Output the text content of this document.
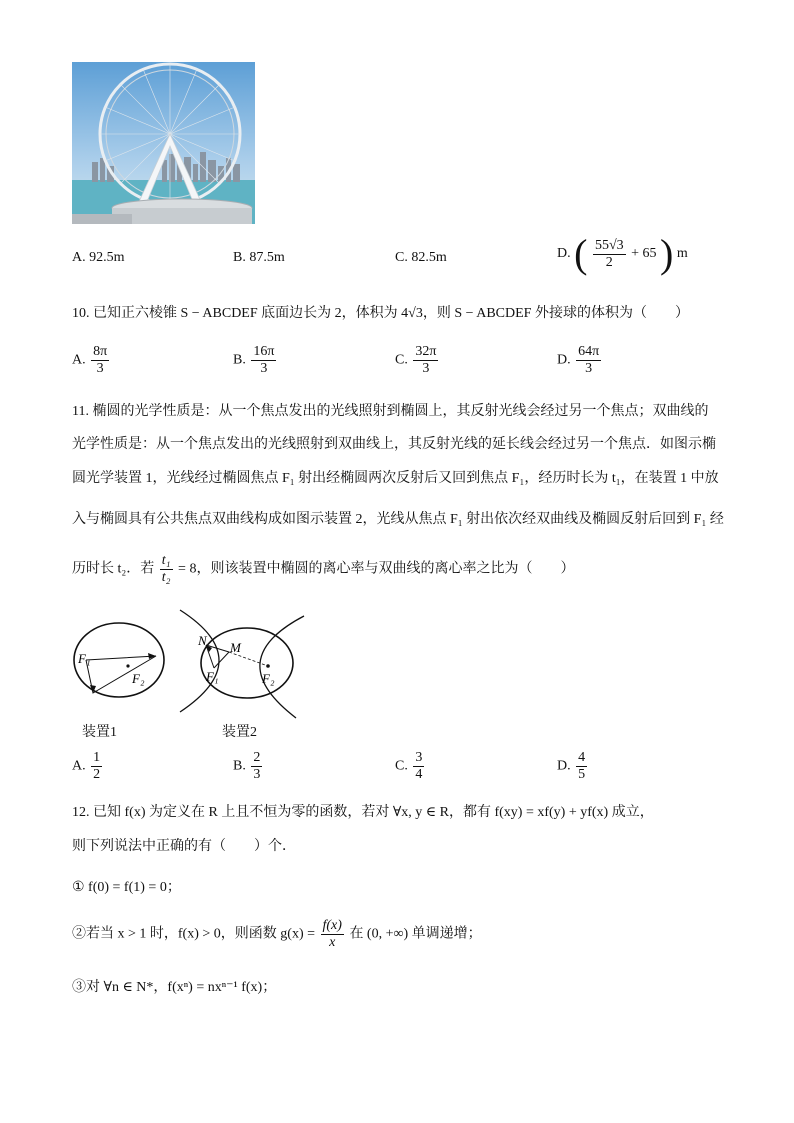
A. 92.5m	B. 87.5m	C. 82.5m	D. ( $\frac{55√3}{2} + 65$ ) m
10. 已知正六棱锥 S − ABCDEF 底面边长为 2，体积为 4√3，则 S − ABCDEF 外接球的体积为（　　）
A. $\frac{8\pi}{3}$	B. $\frac{16\pi}{3}$	C. $\frac{32\pi}{3}$	D. $\frac{64\pi}{3}$
11. 椭圆的光学性质是：从一个焦点发出的光线照射到椭圆上，其反射光线会经过另一个焦点；双曲线的
光学性质是：从一个焦点发出的光线照射到双曲线上，其反射光线的延长线会经过另一个焦点．如图示椭
圆光学装置 1，光线经过椭圆焦点 F₁ 射出经椭圆两次反射后又回到焦点 F₁，经历时长为 t₁，在装置 1 中放
入与椭圆具有公共焦点双曲线构成如图示装置 2，光线从焦点 F₁ 射出依次经双曲线及椭圆反射后回到 F₁ 经
历时长 t₂．若 $\frac{\text{t₁}}{\text{t₂}} = 8$，则该装置中椭圆的离心率与双曲线的离心率之比为（　　）
F₁
F₂
N M
F₁	F₂
装置1	装置2
A. $\frac{1}{2}$	B. $\frac{2}{3}$	C. $\frac{3}{4}$	D. $\frac{4}{5}$
12. 已知 f(x) 为定义在 R 上且不恒为零的函数，若对 ∀x, y ∈ R，都有 f(xy) = xf(y) + yf(x) 成立，
则下列说法中正确的有（　　）个．
① f(0) = f(1) = 0；
②若当 x > 1 时，f(x) > 0，则函数 $g(x) = \frac{f(x)}{x}$ 在 (0, +∞) 单调递增；
③对 ∀n ∈ N*，f(xⁿ) = nxⁿ⁻¹ f(x)；
